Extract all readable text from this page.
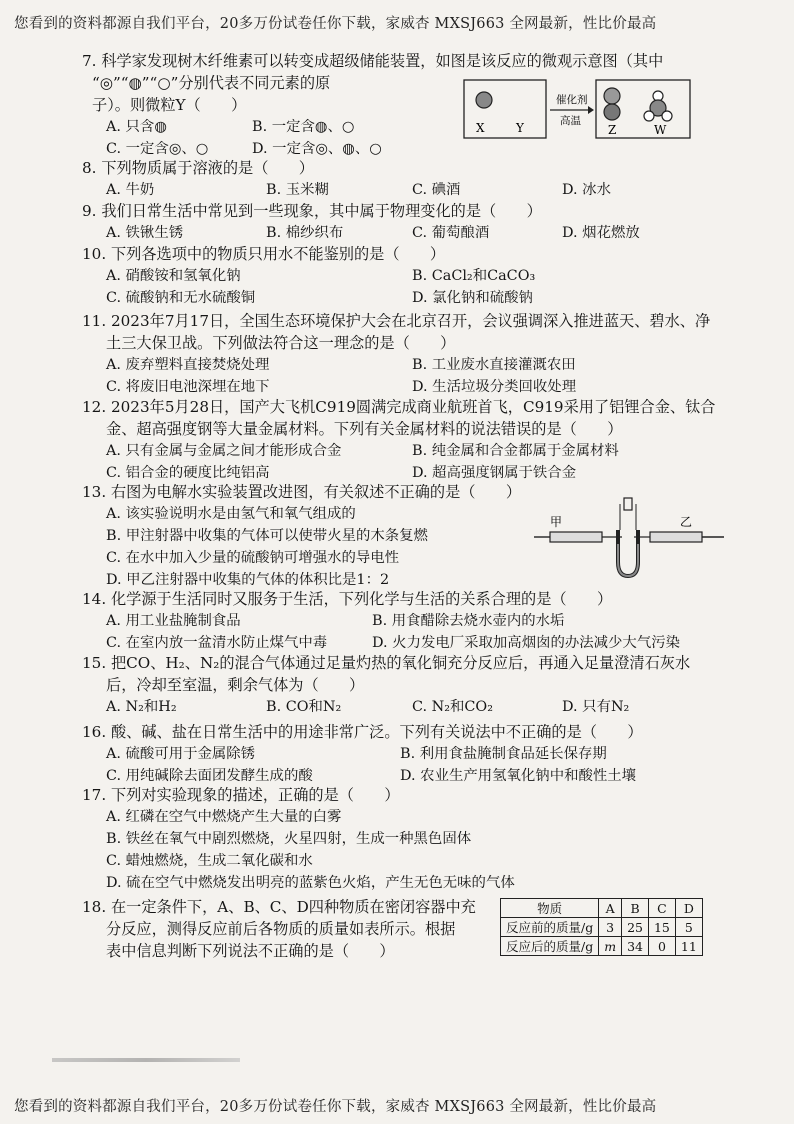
您看到的资料都源自我们平台，20多万份试卷任你下载，家威杏 MXSJ663 全网最新，性比价最高
7. 科学家发现树木纤维素可以转变成超级储能装置，如图是该反应的微观示意图（其中
“◎”“◍”“○”分别代表不同元素的原
子）。则微粒Y（　　）
A. 只含◍	B. 一定含◍、○
C. 一定含◎、○	D. 一定含◎、◍、○
X	Y
催化剂
高温
Z	W
8. 下列物质属于溶液的是（　　）
A. 牛奶	B. 玉米糊	C. 碘酒	D. 冰水
9. 我们日常生活中常见到一些现象，其中属于物理变化的是（　　）
A. 铁锹生锈	B. 棉纱织布	C. 葡萄酿酒	D. 烟花燃放
10. 下列各选项中的物质只用水不能鉴别的是（　　）
A. 硝酸铵和氢氧化钠	B. CaCl₂和CaCO₃
C. 硫酸钠和无水硫酸铜	D. 氯化钠和硫酸钠
11. 2023年7月17日，全国生态环境保护大会在北京召开，会议强调深入推进蓝天、碧水、净
土三大保卫战。下列做法符合这一理念的是（　　）
A. 废弃塑料直接焚烧处理	B. 工业废水直接灌溉农田
C. 将废旧电池深埋在地下	D. 生活垃圾分类回收处理
12. 2023年5月28日，国产大飞机C919圆满完成商业航班首飞，C919采用了铝锂合金、钛合
金、超高强度钢等大量金属材料。下列有关金属材料的说法错误的是（　　）
A. 只有金属与金属之间才能形成合金	B. 纯金属和合金都属于金属材料
C. 铝合金的硬度比纯铝高	D. 超高强度钢属于铁合金
13. 右图为电解水实验装置改进图，有关叙述不正确的是（　　）
A. 该实验说明水是由氢气和氧气组成的
B. 甲注射器中收集的气体可以使带火星的木条复燃
C. 在水中加入少量的硫酸钠可增强水的导电性
D. 甲乙注射器中收集的气体的体积比是1：2
甲	乙
14. 化学源于生活同时又服务于生活，下列化学与生活的关系合理的是（　　）
A. 用工业盐腌制食品	B. 用食醋除去烧水壶内的水垢
C. 在室内放一盆清水防止煤气中毒	D. 火力发电厂采取加高烟囱的办法减少大气污染
15. 把CO、H₂、N₂的混合气体通过足量灼热的氧化铜充分反应后，再通入足量澄清石灰水
后，冷却至室温，剩余气体为（　　）
A. N₂和H₂	B. CO和N₂	C. N₂和CO₂	D. 只有N₂
16. 酸、碱、盐在日常生活中的用途非常广泛。下列有关说法中不正确的是（　　）
A. 硫酸可用于金属除锈	B. 利用食盐腌制食品延长保存期
C. 用纯碱除去面团发酵生成的酸	D. 农业生产用氢氧化钠中和酸性土壤
17. 下列对实验现象的描述，正确的是（　　）
A. 红磷在空气中燃烧产生大量的白雾
B. 铁丝在氧气中剧烈燃烧，火星四射，生成一种黑色固体
C. 蜡烛燃烧，生成二氧化碳和水
D. 硫在空气中燃烧发出明亮的蓝紫色火焰，产生无色无味的气体
18. 在一定条件下，A、B、C、D四种物质在密闭容器中充
分反应，测得反应前后各物质的质量如表所示。根据
表中信息判断下列说法不正确的是（　　）
物质	A	B	C	D
反应前的质量/g	3	25	15	5
反应后的质量/g	m	34	0	11
您看到的资料都源自我们平台，20多万份试卷任你下载，家威杏 MXSJ663 全网最新，性比价最高
